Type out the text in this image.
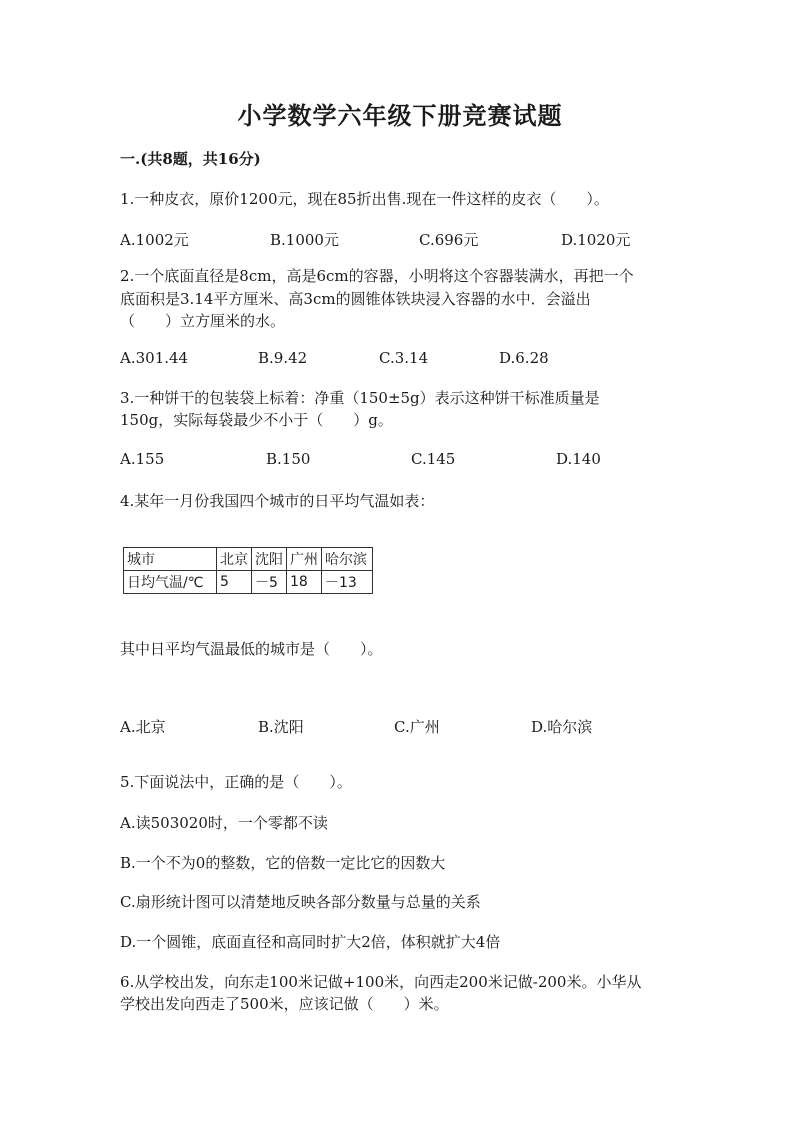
小学数学六年级下册竞赛试题
一.(共8题，共16分)
1.一种皮衣，原价1200元，现在85折出售.现在一件这样的皮衣（　　）。
A.1002元	B.1000元	C.696元	D.1020元
2.一个底面直径是8cm，高是6cm的容器，小明将这个容器装满水，再把一个
底面积是3.14平方厘米、高3cm的圆锥体铁块浸入容器的水中．会溢出
（　　）立方厘米的水。
A.301.44	B.9.42	C.3.14	D.6.28
3.一种饼干的包装袋上标着：净重（150±5g）表示这种饼干标准质量是
150g，实际每袋最少不小于（　　）g。
A.155	B.150	C.145	D.140
4.某年一月份我国四个城市的日平均气温如表：
城市	北京	沈阳	广州	哈尔滨
日均气温/℃	5	－5	18	－13
其中日平均气温最低的城市是（　　）。
A.北京	B.沈阳	C.广州	D.哈尔滨
5.下面说法中，正确的是（　　）。
A.读503020时，一个零都不读
B.一个不为0的整数，它的倍数一定比它的因数大
C.扇形统计图可以清楚地反映各部分数量与总量的关系
D.一个圆锥，底面直径和高同时扩大2倍，体积就扩大4倍
6.从学校出发，向东走100米记做+100米，向西走200米记做-200米。小华从
学校出发向西走了500米，应该记做（　　）米。
